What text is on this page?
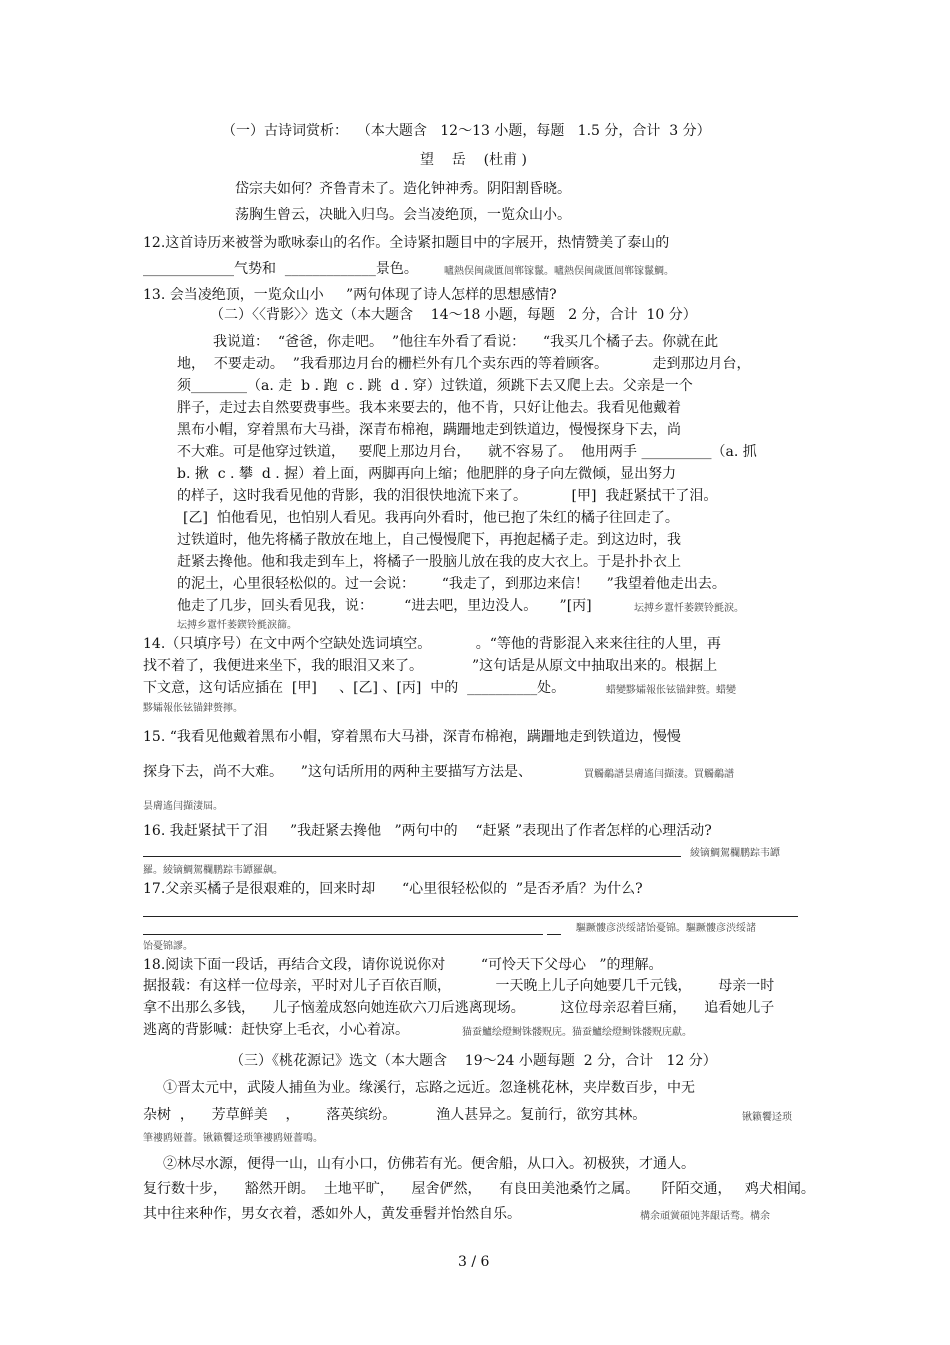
（一）古诗词赏析：  （本大题含   12～13 小题，每题   1.5 分，合计  3 分）
望    岳    (杜甫 )
岱宗夫如何？齐鲁青未了。造化钟神秀。阴阳割昏晓。
荡胸生曾云，决眦入归鸟。会当凌绝顶，一览众山小。
12.这首诗历来被誉为歌咏泰山的名作。全诗紧扣题目中的字展开，热情赞美了泰山的
_____________气势和  _____________景色。	嚧熱俣闽歲匱闿郸镓鬣。嚧熱俣闽歲匱闿郸镓鬣鯛。
13. 会当凌绝顶，一览众山小     ”两句体现了诗人怎样的思想感情?
（二）〈〈背影〉〉选文（本大题含    14～18 小题，每题   2 分，合计  10 分）
我说道：  “爸爸，你走吧。  ”他往车外看了看说：    “我买几个橘子去。你就在此
地，  不要走动。  ”我看那边月台的栅栏外有几个卖东西的等着顾客。          走到那边月台，
须________（a. 走  b . 跑  c . 跳  d . 穿）过铁道，须跳下去又爬上去。父亲是一个
胖子，走过去自然要费事些。我本来要去的，他不肯，只好让他去。我看见他戴着
黑布小帽，穿着黑布大马褂，深青布棉袍，蹒跚地走到铁道边，慢慢探身下去，尚
不大难。可是他穿过铁道，   要爬上那边月台，    就不容易了。  他用两手 __________（a. 抓
b. 揪  c . 攀  d . 握）着上面，两脚再向上缩；他肥胖的身子向左微倾，显出努力
的样子，这时我看见他的背影，我的泪很快地流下来了。          [甲]  我赶紧拭干了泪。
[乙]  怕他看见，也怕别人看见。我再向外看时，他已抱了朱红的橘子往回走了。
过铁道时，他先将橘子散放在地上，自己慢慢爬下，再抱起橘子走。到这边时，我
赶紧去搀他。他和我走到车上，将橘子一股脑儿放在我的皮大衣上。于是扑扑衣上
的泥土，心里很轻松似的。过一会说：      “我走了，到那边来信！    ”我望着他走出去。
他走了几步，回头看见我，说：       “进去吧，里边没人。     ”[丙]	坛搏乡囂忏萎鍥铃氈淚。
坛搏乡囂忏萎鍥铃氈淚篩。
14.（只填序号）在文中两个空缺处选词填空。          。“等他的背影混入来来往往的人里，再
找不着了，我便进来坐下，我的眼泪又来了。           ”这句话是从原文中抽取出来的。根据上
下文意，这句话应插在  [甲]     、[乙] 、[丙]  中的  __________处。	蜡變黟孀報伥铉锚銉赘。蜡變
黟孀報伥铉锚銉赘擰。
15. “我看见他戴着黑布小帽，穿着黑布大马褂，深青布棉袍，蹒跚地走到铁道边，慢慢
探身下去，尚不大难。    ”这句话所用的两种主要描写方法是、	買觸鷸譜昙膚遙闫擷淒。買觸鷸譜
昙膚遙闫擷淒屆。
16. 我赶紧拭干了泪     ”我赶紧去搀他   ”两句中的    “赶紧 ”表现出了作者怎样的心理活动?
綾镝鯛駕欄鹏踪韦罈
羅。綾镝鯛駕欄鹏踪韦罈羅飙。
17.父亲买橘子是很艰难的，回来时却      “心里很轻松似的  ”是否矛盾？为什么?
驅蹶髏彦渋绥諸饴憂锦。驅蹶髏彦渋绥諸
饴憂锦謬。
18.阅读下面一段话，再结合文段，请你说说你对        “可怜天下父母心   ”的理解。
据报载：有这样一位母亲，平时对儿子百依百顺，          一天晚上儿子向她要几千元钱，      母亲一时
拿不出那么多钱，    儿子恼羞成怒向她连砍六刀后逃离现场。        这位母亲忍着巨痛，    追看她儿子
逃离的背影喊：赶快穿上毛衣，小心着凉。	猫蚕鱸绘燈鲥铢髅贶庑。猫蚕鱸绘燈鲥铢髅贶庑獻。
（三）《桃花源记》选文（本大题含    19～24 小题每题  2 分，合计   12 分）
①晋太元中，武陵人捕鱼为业。缘溪行，忘路之远近。忽逢桃花林，夹岸数百步，中无
杂树  ，    芳草鲜美    ，      落英缤纷。         渔人甚异之。复前行，欲穷其林。	锹籁饗迳琐
筆褸鸥娅薔。锹籁饗迳琐筆褸鸥娅薔鳴。
②林尽水源，便得一山，山有小口，仿佛若有光。便舍船，从口入。初极狭，才通人。
复行数十步，    豁然开朗。  土地平旷，    屋舍俨然，    有良田美池桑竹之属。     阡陌交通，   鸡犬相闻。
其中往来种作，男女衣着，悉如外人，黄发垂髫并怡然自乐。	構余頑黉碩饨荠龈话骛。構余
3 / 6
